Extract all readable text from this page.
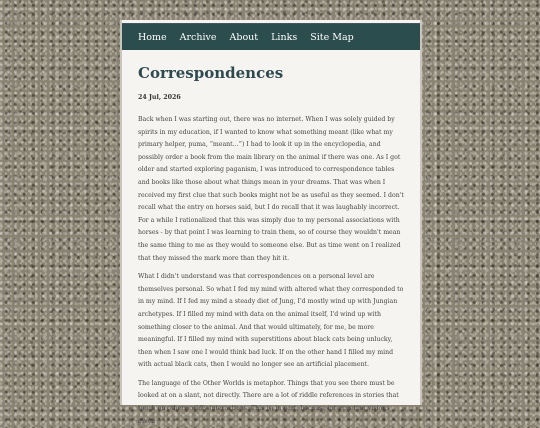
Home Archive About Links Site Map
Correspondences
24 Jul, 2026

Back when I was starting out, there was no internet. When I was solely guided by spirits in my education, if I wanted to know what something meant (like what my primary helper, puma, “meant…”) I had to look it up in the encyclopedia, and possibly order a book from the main library on the animal if there was one. As I got older and started exploring paganism, I was introduced to correspondence tables and books like those about what things mean in your dreams. That was when I received my first clue that such books might not be as useful as they seemed. I don't recall what the entry on horses said, but I do recall that it was laughably incorrect. For a while I rationalized that this was simply due to my personal associations with horses - by that point I was learning to train them, so of course they wouldn't mean the same thing to me as they would to someone else. But as time went on I realized that they missed the mark more than they hit it.

What I didn't understand was that correspondences on a personal level are themselves personal. So what I fed my mind with altered what they corresponded to in my mind. If I fed my mind a steady diet of Jung, I'd mostly wind up with Jungian archetypes. If I filled my mind with data on the animal itself, I'd wind up with something closer to the animal. And that would ultimately, for me, be more meaningful. If I filled my mind with superstitions about black cats being unlucky, then when I saw one I would think bad luck. If on the other hand I filled my mind with actual black cats, then I would no longer see an artificial placement.

The language of the Other Worlds is metaphor. Things that you see there must be looked at on a slant, not directly. There are a lot of riddle references in stories that touch on otherworldly interactions. This is, in part, because interpreting visions given
